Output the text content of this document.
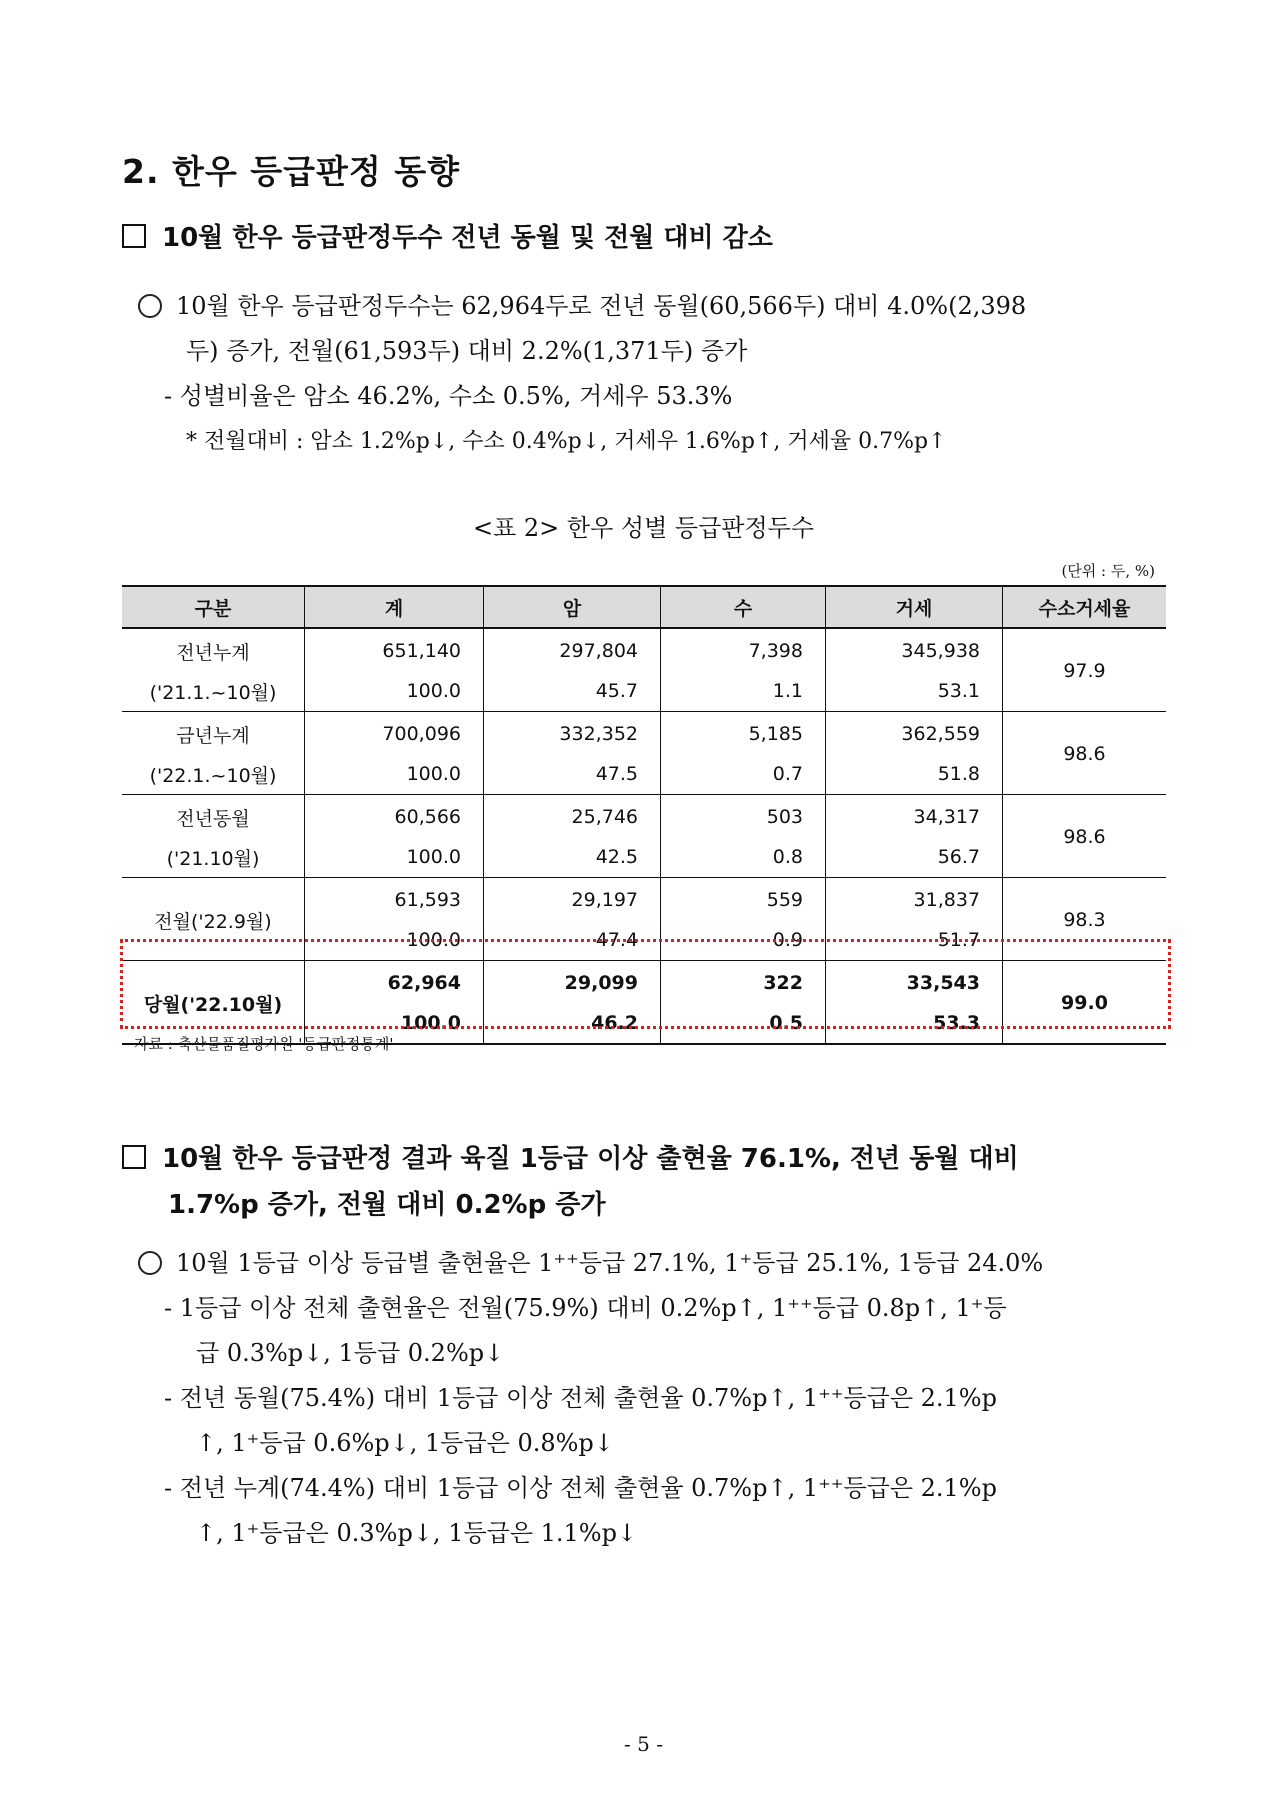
2. 한우 등급판정 동향
10월 한우 등급판정두수 전년 동월 및 전월 대비 감소
10월 한우 등급판정두수는 62,964두로 전년 동월(60,566두) 대비 4.0%(2,398
두) 증가, 전월(61,593두) 대비 2.2%(1,371두) 증가
- 성별비율은 암소 46.2%, 수소 0.5%, 거세우 53.3%
* 전월대비 : 암소 1.2%p↓, 수소 0.4%p↓, 거세우 1.6%p↑, 거세율 0.7%p↑
<표 2> 한우 성별 등급판정두수
(단위 : 두, %)
구분	계	암	수	거세	수소거세율
전년누계	651,140	297,804	7,398	345,938	97.9
('21.1.~10월)	100.0	45.7	1.1	53.1	
금년누계	700,096	332,352	5,185	362,559	98.6
('22.1.~10월)	100.0	47.5	0.7	51.8	
전년동월	60,566	25,746	503	34,317	98.6
('21.10월)	100.0	42.5	0.8	56.7	
전월('22.9월)	61,593	29,197	559	31,837	98.3
	100.0	47.4	0.9	51.7	
당월('22.10월)	62,964	29,099	322	33,543	99.0
	100.0	46.2	0.5	53.3	
자료 : 축산물품질평가원 '등급판정통계'
10월 한우 등급판정 결과 육질 1등급 이상 출현율 76.1%, 전년 동월 대비
1.7%p 증가, 전월 대비 0.2%p 증가
10월 1등급 이상 등급별 출현율은 1⁺⁺등급 27.1%, 1⁺등급 25.1%, 1등급 24.0%
- 1등급 이상 전체 출현율은 전월(75.9%) 대비 0.2%p↑, 1⁺⁺등급 0.8p↑, 1⁺등
급 0.3%p↓, 1등급 0.2%p↓
- 전년 동월(75.4%) 대비 1등급 이상 전체 출현율 0.7%p↑, 1⁺⁺등급은 2.1%p
↑, 1⁺등급 0.6%p↓, 1등급은 0.8%p↓
- 전년 누계(74.4%) 대비 1등급 이상 전체 출현율 0.7%p↑, 1⁺⁺등급은 2.1%p
↑, 1⁺등급은 0.3%p↓, 1등급은 1.1%p↓
- 5 -
